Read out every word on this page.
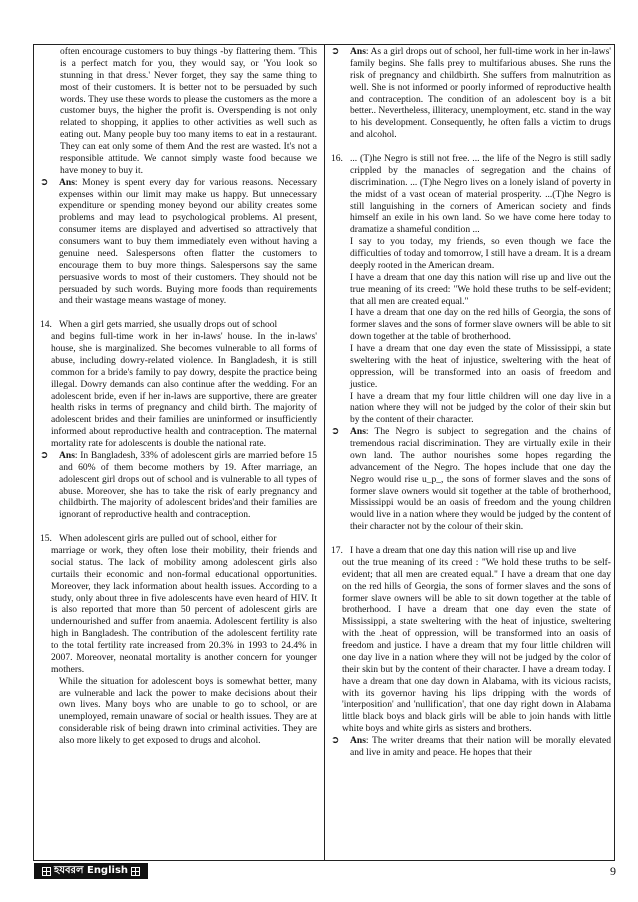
often encourage customers to buy things -by flattering them. 'This is a perfect match for you, they would say, or 'You look so stunning in that dress.' Never forget, they say the same thing to most of their customers. It is better not to be persuaded by such words. They use these words to please the customers as the more a customer buys, the higher the profit is. Overspending is not only related to shopping, it applies to other activities as well such as eating out. Many people buy too many items to eat in a restaurant. They can eat only some of them And the rest are wasted. It's not a responsible attitude. We cannot simply waste food because we have money to buy it.

➲	Ans: Money is spent every day for various reasons. Necessary expenses within our limit may make us happy. But unnecessary expenditure or spending money beyond our ability creates some problems and may lead to psychological problems. Al present, consumer items are displayed and advertised so attractively that consumers want to buy them immediately even without having a genuine need. Salespersons often flatter the customers to encourage them to buy more things. Salespersons say the same persuasive words to most of their customers. They should not be persuaded by such words. Buying more foods than requirements and their wastage means wastage of money.

14. When a girl gets married, she usually drops out of school

and begins full-time work in her in-laws' house. In the in-laws' house, she is marginalized. She becomes vulnerable to all forms of abuse, including dowry-related violence. In Bangladesh, it is still common for a bride's family to pay dowry, despite the practice being illegal. Dowry demands can also continue after the wedding. For an adolescent bride, even if her in-laws are supportive, there are greater health risks in terms of pregnancy and child birth. The majority of adolescent brides and their families are uninformed or insufficiently informed about reproductive health and contraception. The maternal mortality rate for adolescents is double the national rate.

➲	Ans: In Bangladesh, 33% of adolescent girls are married before 15 and 60% of them become mothers by 19. After marriage, an adolescent girl drops out of school and is vulnerable to all types of abuse. Moreover, she has to take the risk of early pregnancy and childbirth. The majority of adolescent brides'and their families are ignorant of reproductive health and contraception.

15. When adolescent girls are pulled out of school, either for

marriage or work, they often lose their mobility, their friends and social status. The lack of mobility among adolescent girls also curtails their economic and non-formal educational opportunities. Moreover, they lack information about health issues. According to a study, only about three in five adolescents have even heard of HIV. It is also reported that more than 50 percent of adolescent girls are undernourished and suffer from anaemia. Adolescent fertility is also high in Bangladesh. The contribution of the adolescent fertility rate to the total fertility rate increased from 20.3% in 1993 to 24.4% in 2007. Moreover, neonatal mortality is another concern for younger mothers.

While the situation for adolescent boys is somewhat better, many are vulnerable and lack the power to make decisions about their own lives. Many boys who are unable to go to school, or are unemployed, remain unaware of social or health issues. They are at considerable risk of being drawn into criminal activities. They are also more likely to get exposed to drugs and alcohol.

➲	Ans: As a girl drops out of school, her full-time work in her in-laws' family begins. She falls prey to multifarious abuses. She runs the risk of pregnancy and childbirth. She suffers from malnutrition as well. She is not informed or poorly informed of reproductive health and contraception. The condition of an adolescent boy is a bit better.. Nevertheless, illiteracy, unemployment, etc. stand in the way to his development. Consequently, he often falls a victim to drugs and alcohol.

16. ... (T)he Negro is still not free. ... the life of the Negro is still sadly crippled by the manacles of segregation and the chains of discrimination. ... (T)he Negro lives on a lonely island of poverty in the midst of a vast ocean of material prosperity. ...(T)he Negro is still languishing in the corners of American society and finds himself an exile in his own land. So we have come here today to dramatize a shameful condition ...

I say to you today, my friends, so even though we face the difficulties of today and tomorrow, I still have a dream. It is a dream deeply rooted in the American dream.

I have a dream that one day this nation will rise up and live out the true meaning of its creed: "We hold these truths to be self-evident; that all men are created equal."

I have a dream that one day on the red hills of Georgia, the sons of former slaves and the sons of former slave owners will be able to sit down together at the table of brotherhood.

I have a dream that one day even the state of Mississippi, a state sweltering with the heat of injustice, sweltering with the heat of oppression, will be transformed into an oasis of freedom and justice.

I have a dream that my four little children will one day live in a nation where they will not be judged by the color of their skin but by the content of their character.

➲	Ans: The Negro is subject to segregation and the chains of tremendous racial discrimination. They are virtually exile in their own land. The author nourishes some hopes regarding the advancement of the Negro. The hopes include that one day the Negro would rise u_p_, the sons of former slaves and the sons of former slave owners would sit together at the table of brotherhood, Mississippi would be an oasis of freedom and the young children would live in a nation where they would be judged by the content of their character not by the colour of their skin.

17. I have a dream that one day this nation will rise up and live

out the true meaning of its creed : "We hold these truths to be self-evident; that all men are created equal." I have a dream that one day on the red hills of Georgia, the sons of former slaves and the sons of former slave owners will be able to sit down together at the table of brotherhood. I have a dream that one day even the state of Mississippi, a state sweltering with the heat of injustice, sweltering with the .heat of oppression, will be transformed into an oasis of freedom and justice. I have a dream that my four little children will one day live in a nation where they will not be judged by the color of their skin but by the content of their character. I have a dream today. I have a dream that one day down in Alabama, with its vicious racists, with its governor having his lips dripping with the words of 'interposition' and 'nullification', that one day right down in Alabama little black boys and black girls will be able to join hands with little white boys and white girls as sisters and brothers.

➲	Ans: The writer dreams that their nation will be morally elevated and live in amity and peace. He hopes that their

হযবরল English	9
